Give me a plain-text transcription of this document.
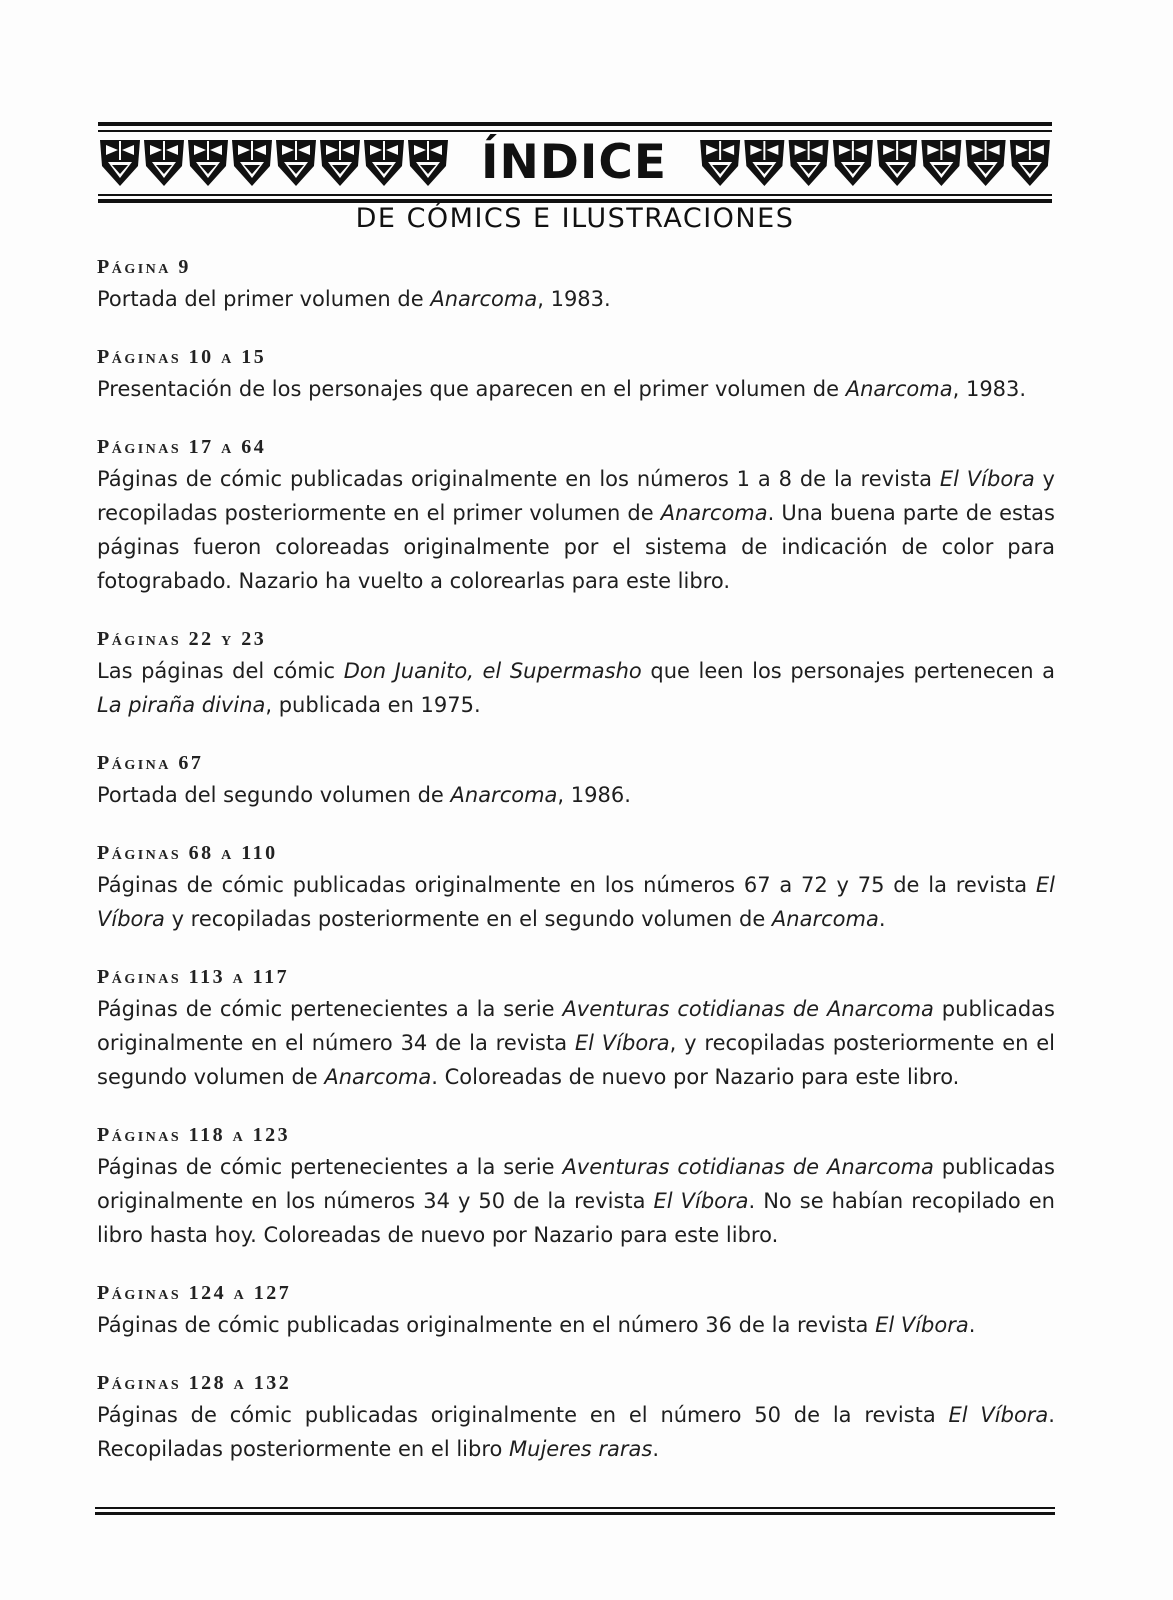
ÍNDICE
DE CÓMICS E ILUSTRACIONES
Página 9
Portada del primer volumen de Anarcoma, 1983.
Páginas 10 a 15
Presentación de los personajes que aparecen en el primer volumen de Anarcoma, 1983.
Páginas 17 a 64
Páginas de cómic publicadas originalmente en los números 1 a 8 de la revista El Víbora y recopiladas posteriormente en el primer volumen de Anarcoma. Una buena parte de estas páginas fueron coloreadas originalmente por el sistema de indicación de color para fotograbado. Nazario ha vuelto a colorearlas para este libro.
Páginas 22 y 23
Las páginas del cómic Don Juanito, el Supermasho que leen los personajes pertenecen a La piraña divina, publicada en 1975.
Página 67
Portada del segundo volumen de Anarcoma, 1986.
Páginas 68 a 110
Páginas de cómic publicadas originalmente en los números 67 a 72 y 75 de la revista El Víbora y recopiladas posteriormente en el segundo volumen de Anarcoma.
Páginas 113 a 117
Páginas de cómic pertenecientes a la serie Aventuras cotidianas de Anarcoma publicadas originalmente en el número 34 de la revista El Víbora, y recopiladas posteriormente en el segundo volumen de Anarcoma. Coloreadas de nuevo por Nazario para este libro.
Páginas 118 a 123
Páginas de cómic pertenecientes a la serie Aventuras cotidianas de Anarcoma publicadas originalmente en los números 34 y 50 de la revista El Víbora. No se habían recopilado en libro hasta hoy. Coloreadas de nuevo por Nazario para este libro.
Páginas 124 a 127
Páginas de cómic publicadas originalmente en el número 36 de la revista El Víbora.
Páginas 128 a 132
Páginas de cómic publicadas originalmente en el número 50 de la revista El Víbora. Recopiladas posteriormente en el libro Mujeres raras.
